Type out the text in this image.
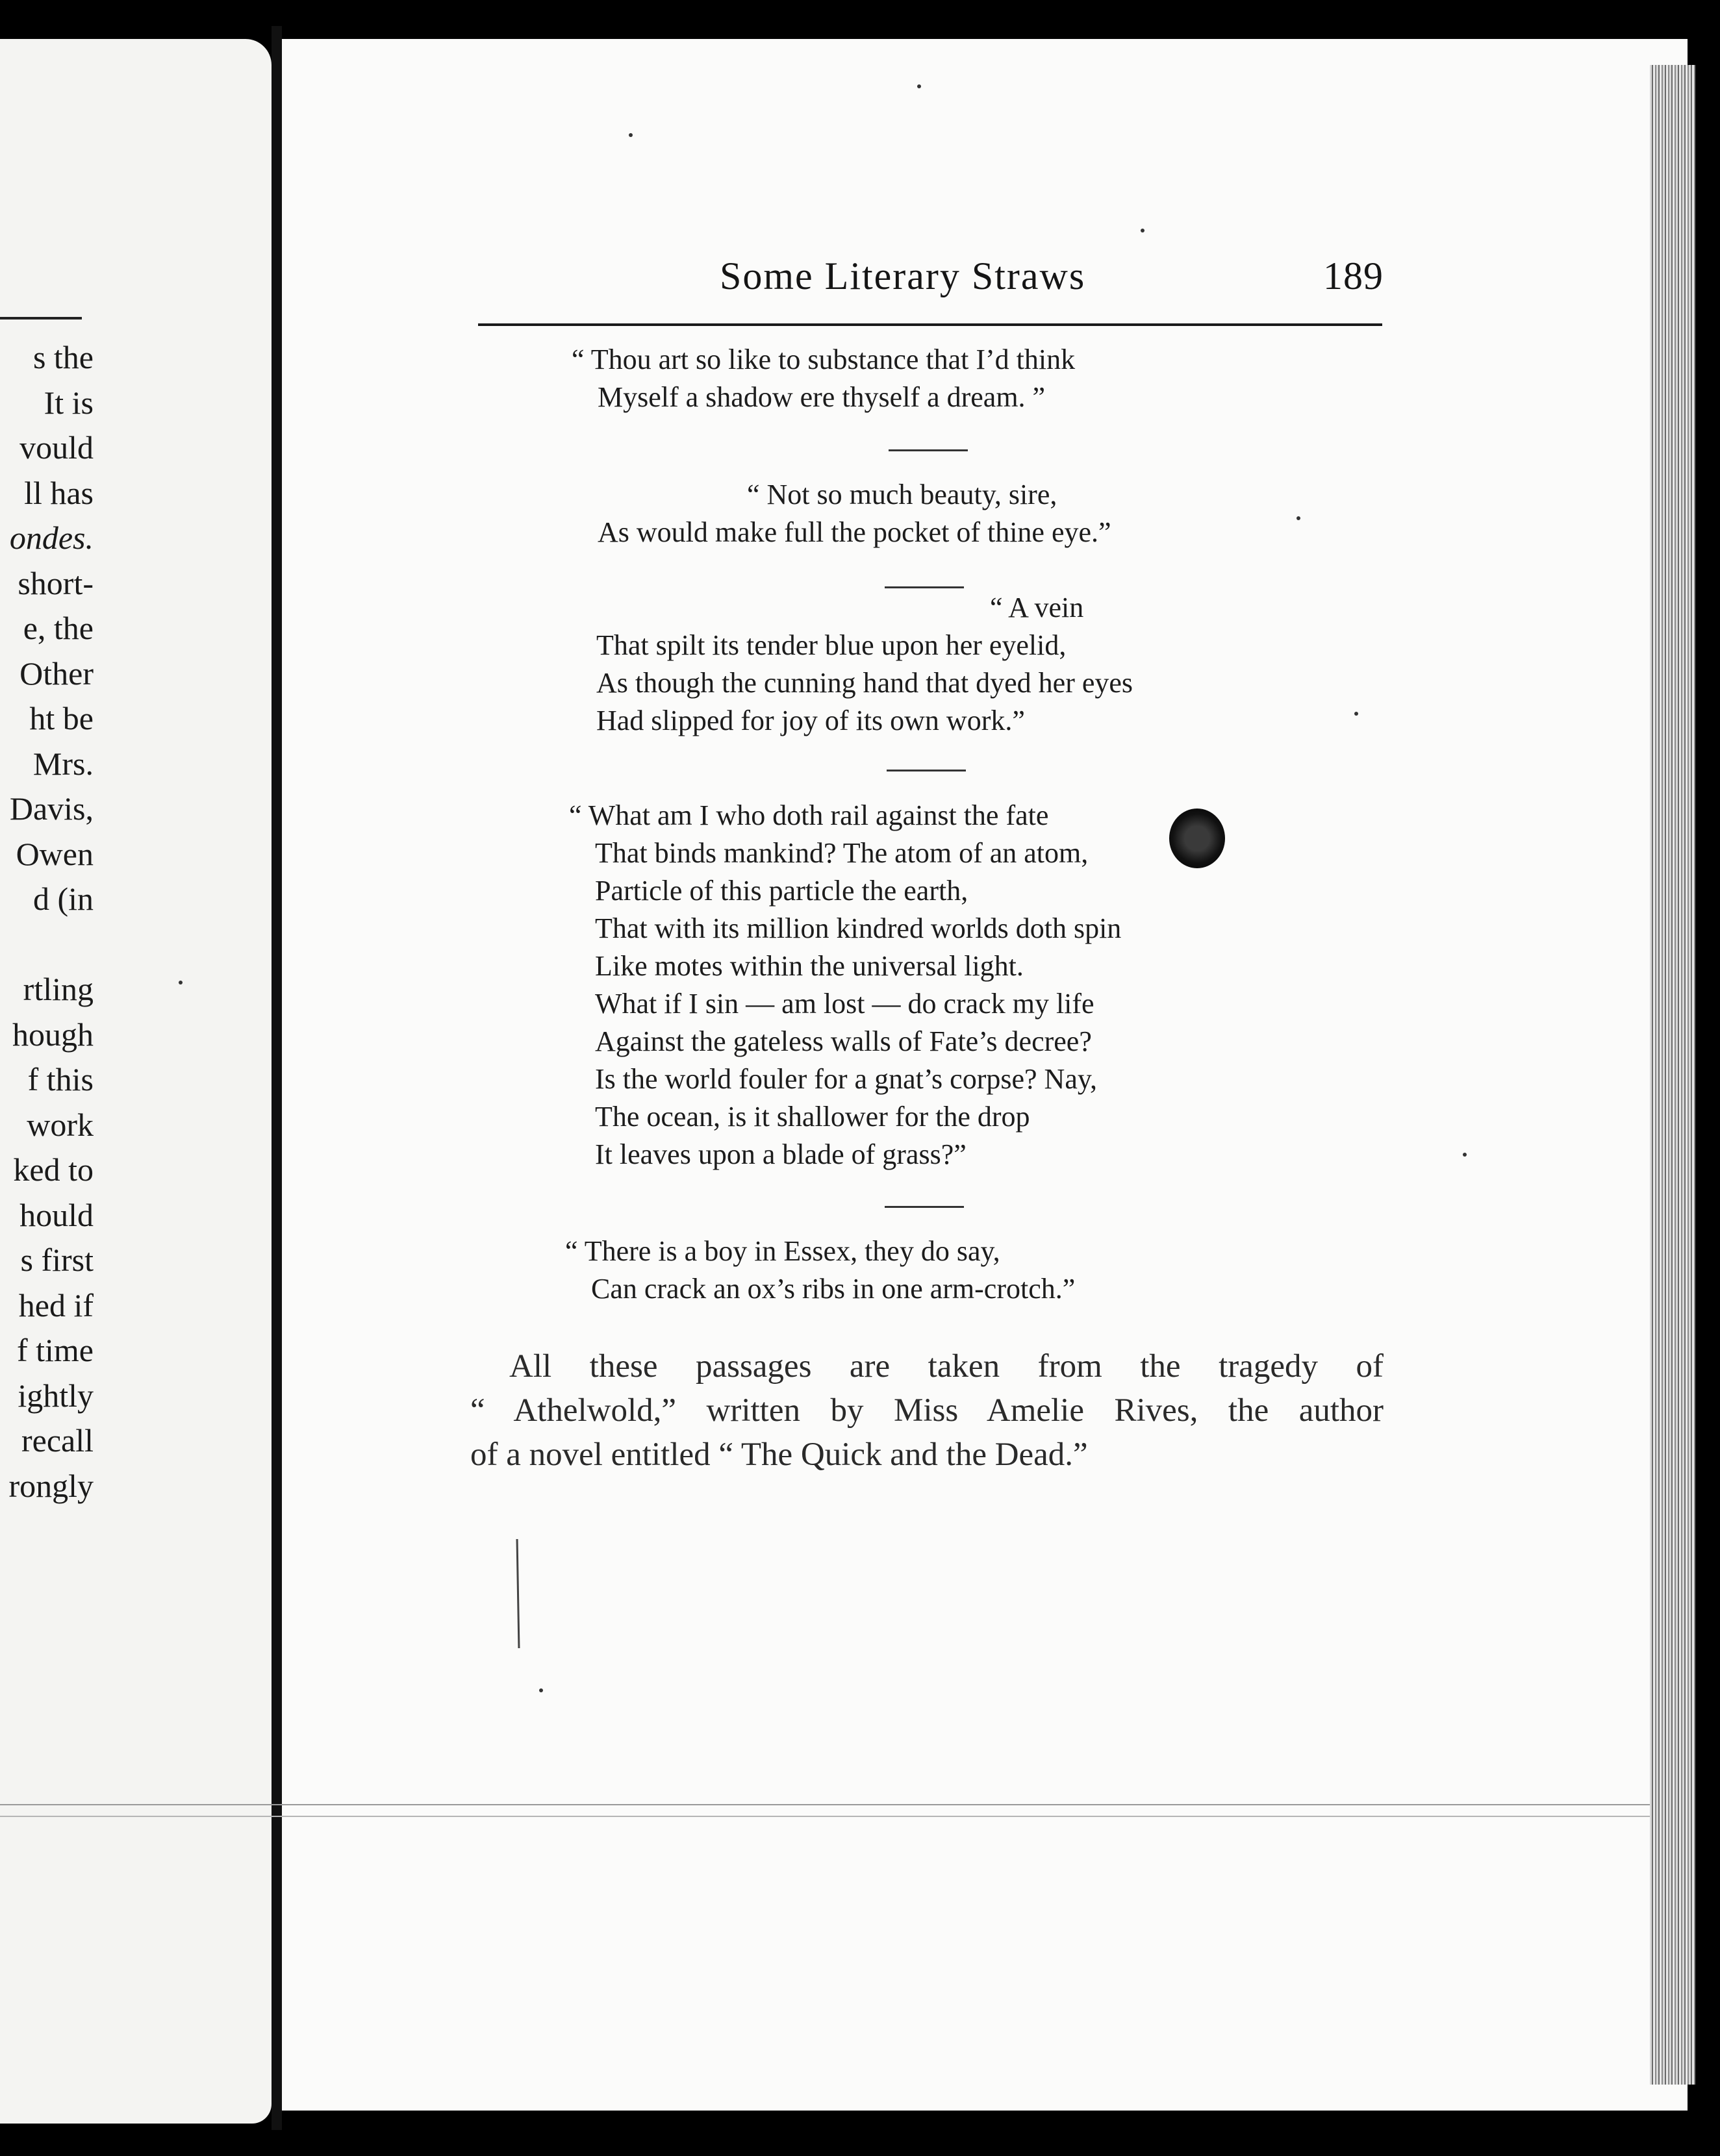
s the
It is
vould
ll has
ondes.
short-
e, the
Other
ht be
Mrs.
Davis,
Owen
d (in
rtling
hough
f this
work
ked to
hould
s first
hed if
f time
ightly
recall
rongly
Some Literary Straws	189
“ Thou art so like to substance that I’d think
Myself a shadow ere thyself a dream. ”
“ Not so much beauty, sire,
As would make full the pocket of thine eye.”
“ A vein
That spilt its tender blue upon her eyelid,
As though the cunning hand that dyed her eyes
Had slipped for joy of its own work.”
“ What am I who doth rail against the fate
That binds mankind? The atom of an atom,
Particle of this particle the earth,
That with its million kindred worlds doth spin
Like motes within the universal light.
What if I sin — am lost — do crack my life
Against the gateless walls of Fate’s decree?
Is the world fouler for a gnat’s corpse? Nay,
The ocean, is it shallower for the drop
It leaves upon a blade of grass?”
“ There is a boy in Essex, they do say,
Can crack an ox’s ribs in one arm-crotch.”
All these passages are taken from the tragedy of
“ Athelwold,” written by Miss Amelie Rives, the author
of a novel entitled “ The Quick and the Dead.”
